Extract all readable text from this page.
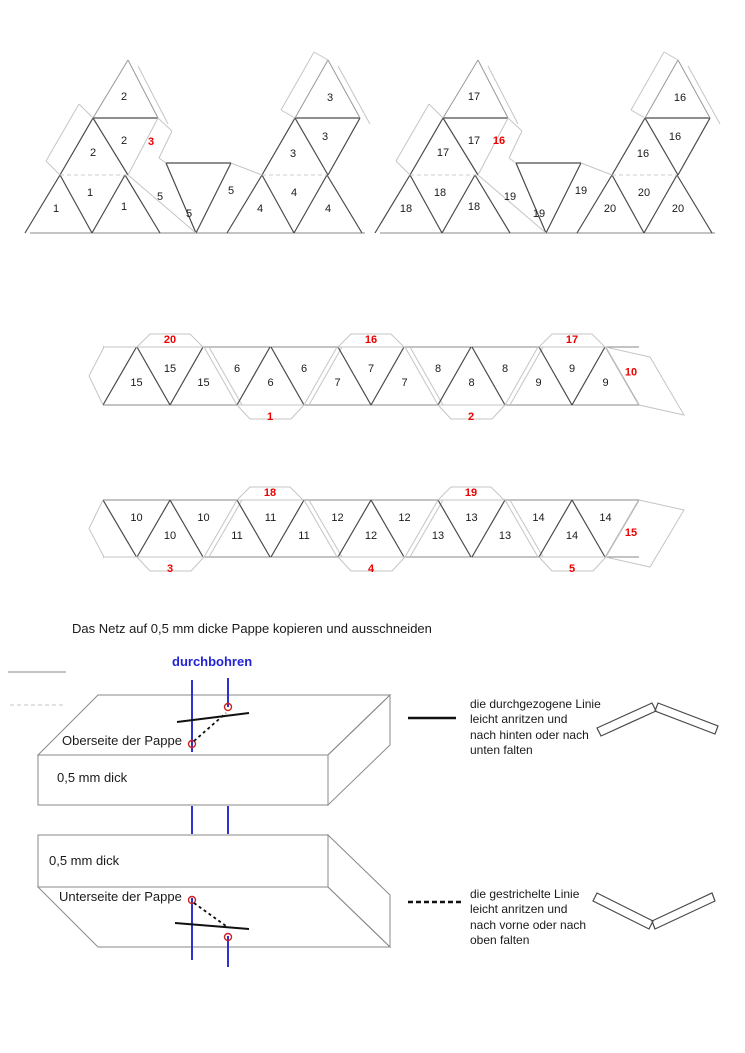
1
1
1
2
2
2
5
5
5
4
4
4
3
3
3
3
18
18
18
17
17
17
19
19
19
20
20
20
16
16
16
16
15
15
15
6
6
6
7
7
7
8
8
8
9
9
9
20
1
16
2
17
10
10
10
10
11
11
11
12
12
12
13
13
13
14
14
14
3
18
4
19
5
15
Das Netz auf 0,5 mm dicke Pappe kopieren und ausschneiden
durchbohren
Oberseite der Pappe
0,5 mm dick
0,5 mm dick
Unterseite der Pappe
die durchgezogene Linie
leicht anritzen und
nach hinten oder nach
unten falten
die gestrichelte Linie
leicht anritzen und
nach vorne oder nach
oben falten
